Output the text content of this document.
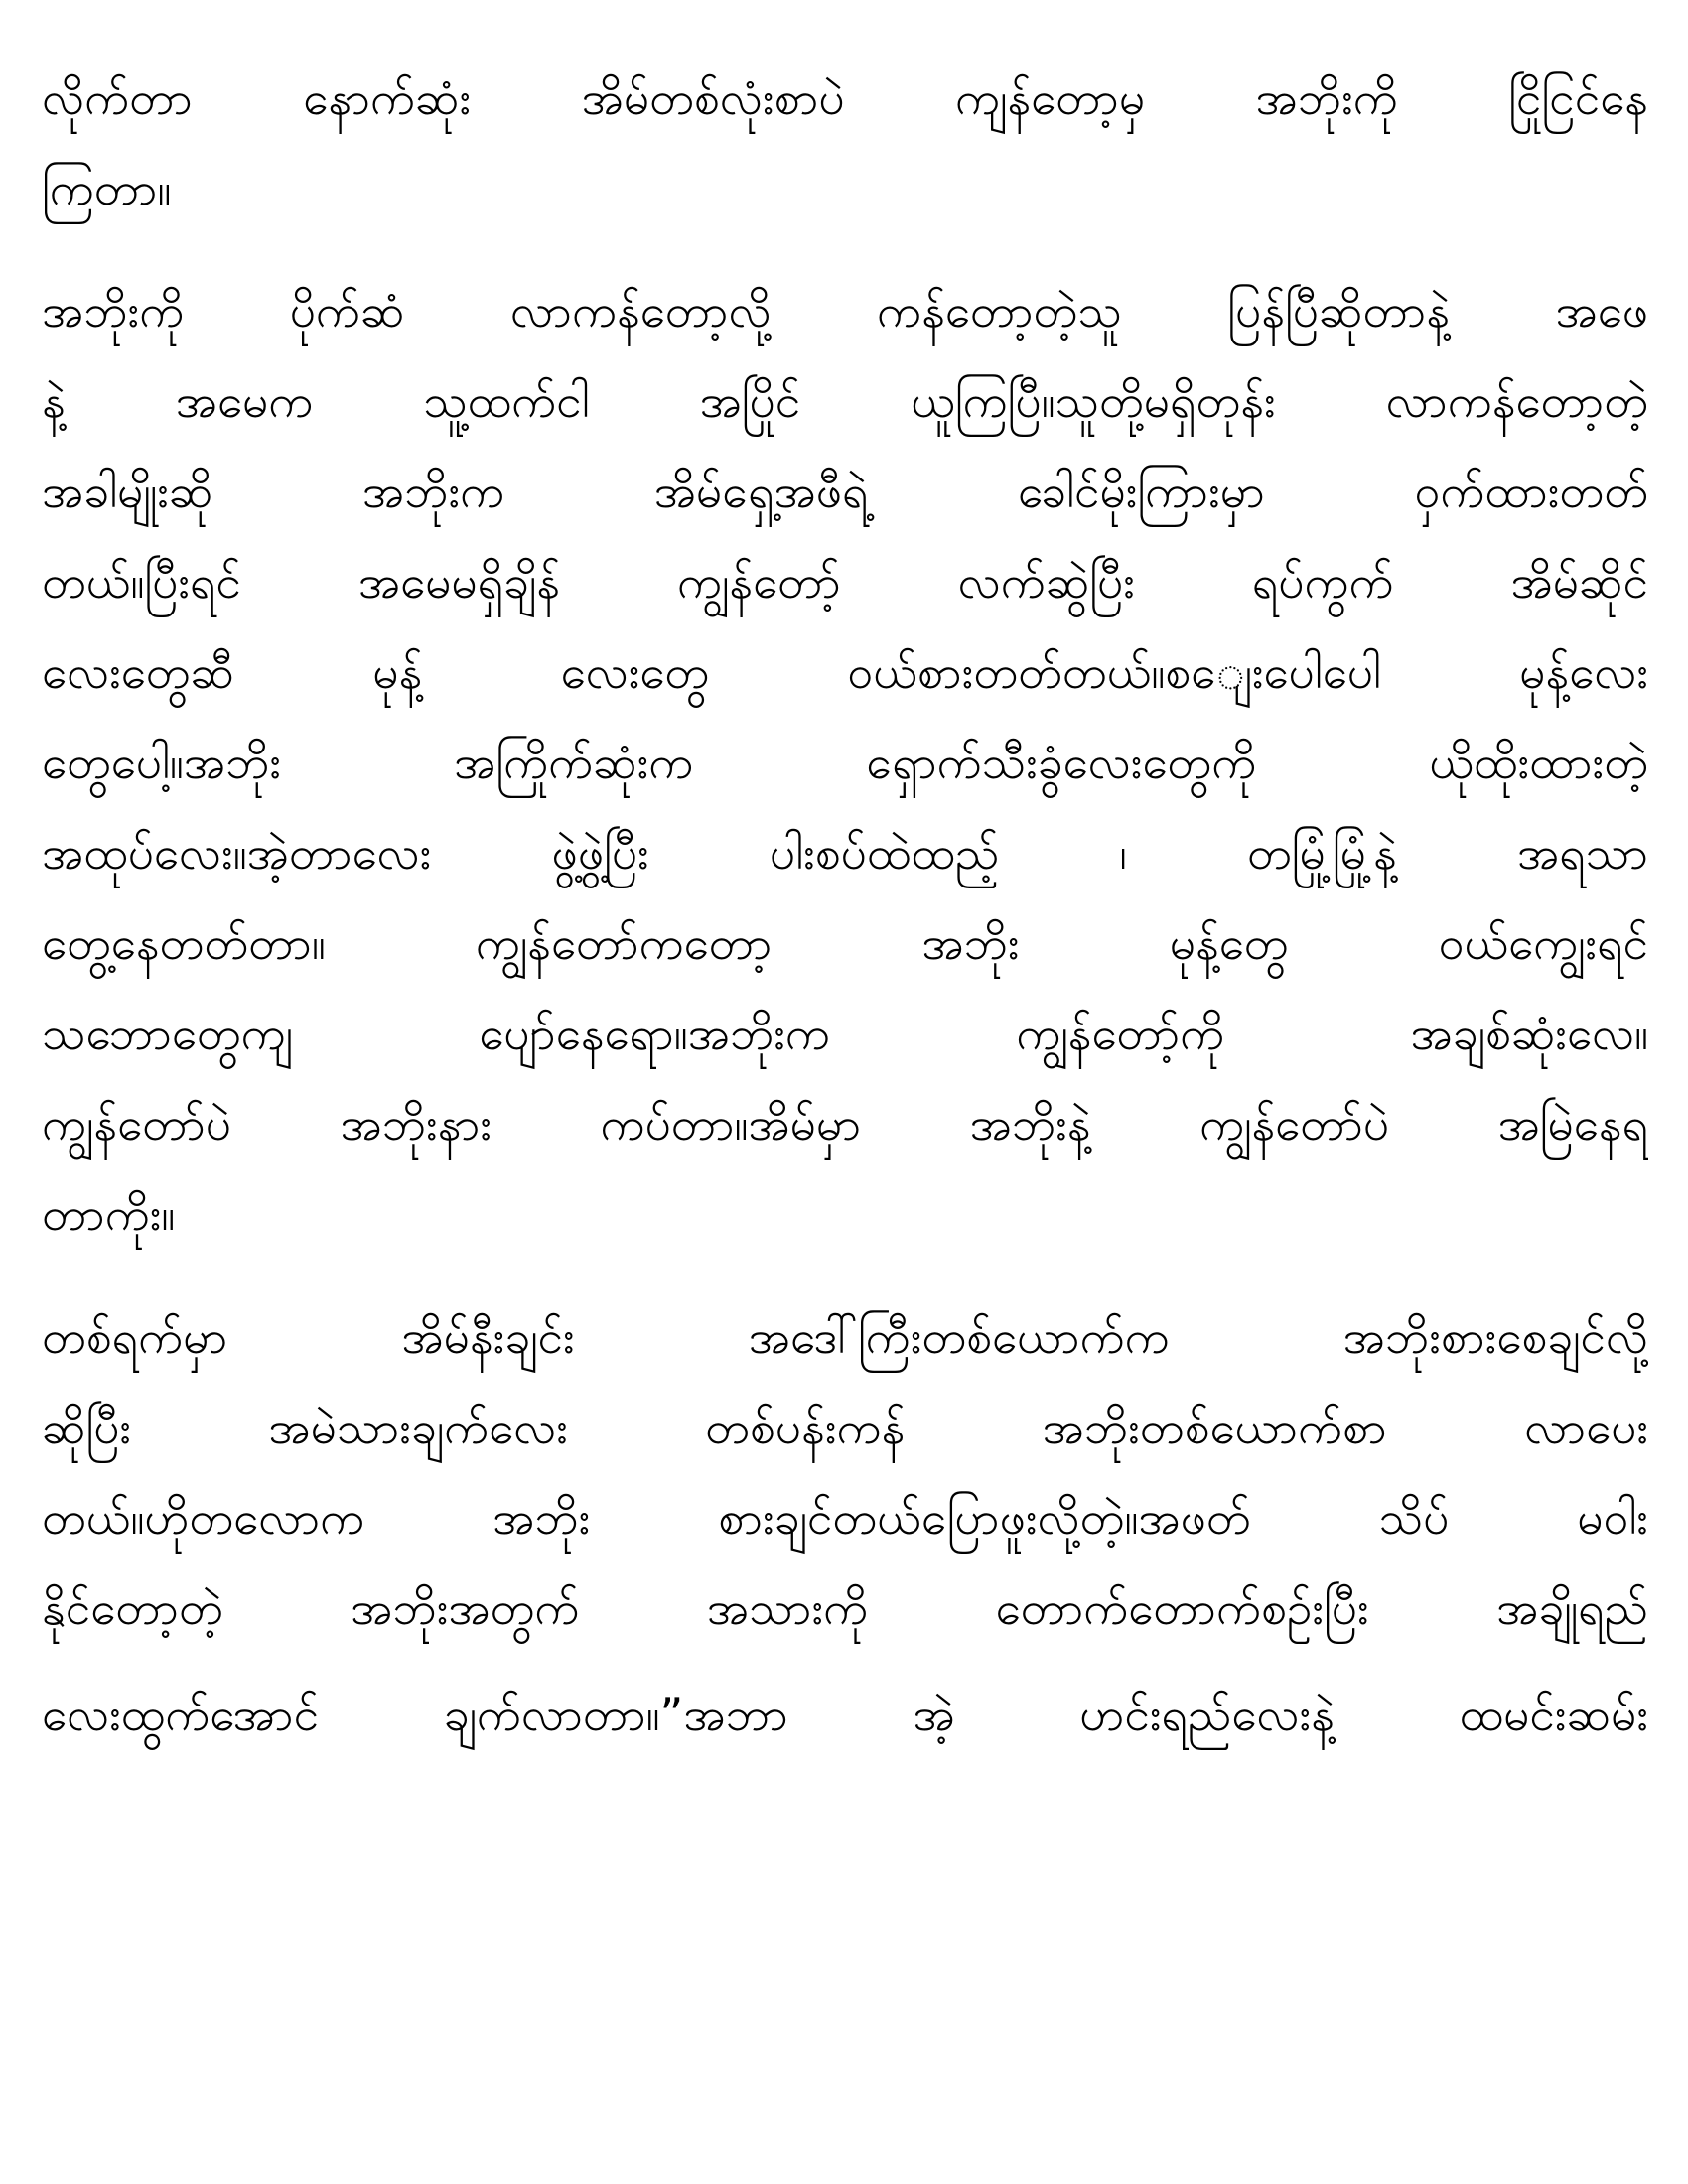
လိုက်တာ နောက်ဆုံး အိမ်တစ်လုံးစာပဲ ကျန်တော့မှ အဘိုးကို ငြိုငြင်နေ
ကြတာ။
အဘိုးကို ပိုက်ဆံ လာကန်တော့လို့ ကန်တော့တဲ့သူ ပြန်ပြီဆိုတာနဲ့ အဖေ
နဲ့ အမေက သူ့ထက်ငါ အပြိုင် ယူကြပြီ။သူတို့မရှိတုန်း လာကန်တော့တဲ့
အခါမျိုးဆို အဘိုးက အိမ်ရှေ့အဖီရဲ့ ခေါင်မိုးကြားမှာ ဝှက်ထားတတ်
တယ်။ပြီးရင် အမေမရှိချိန် ကျွန်တော့် လက်ဆွဲပြီး ရပ်ကွက် အိမ်ဆိုင်
လေးတွေဆီ မုန့် လေးတွေ ဝယ်စားတတ်တယ်။စ​ျေးပေါပေါ မုန့်လေး
တွေပေါ့။အဘိုး အကြိုက်ဆုံးက ရှောက်သီးခွံလေးတွေကို ယိုထိုးထားတဲ့
အထုပ်လေး။အဲ့တာလေး ဖွဲ့ဖွဲ့ပြီး ပါးစပ်ထဲထည့် ၊ တမြုံ့မြုံ့နဲ့ အရသာ
တွေ့နေတတ်တာ။ ကျွန်တော်ကတော့ အဘိုး မုန့်တွေ ဝယ်ကျွေးရင်
သဘောတွေကျ ပျော်နေရော။အဘိုးက ကျွန်တော့်ကို အချစ်ဆုံးလေ။
ကျွန်တော်ပဲ အဘိုးနား ကပ်တာ။အိမ်မှာ အဘိုးနဲ့ ကျွန်တော်ပဲ အမြဲနေရ
တာကိုး။
တစ်ရက်မှာ အိမ်နီးချင်း အဒေါ်ကြီးတစ်ယောက်က အဘိုးစားစေချင်လို့
ဆိုပြီး အမဲသားချက်လေး တစ်ပန်းကန် အဘိုးတစ်ယောက်စာ လာပေး
တယ်။ဟိုတလောက အဘိုး စားချင်တယ်ပြောဖူးလို့တဲ့။အဖတ် သိပ် မဝါး
နိုင်တော့တဲ့ အဘိုးအတွက် အသားကို တောက်တောက်စဉ်းပြီး အချိုရည်
လေးထွက်အောင် ချက်လာတာ။”အဘာ အဲ့ ဟင်းရည်လေးနဲ့ ထမင်းဆမ်း
